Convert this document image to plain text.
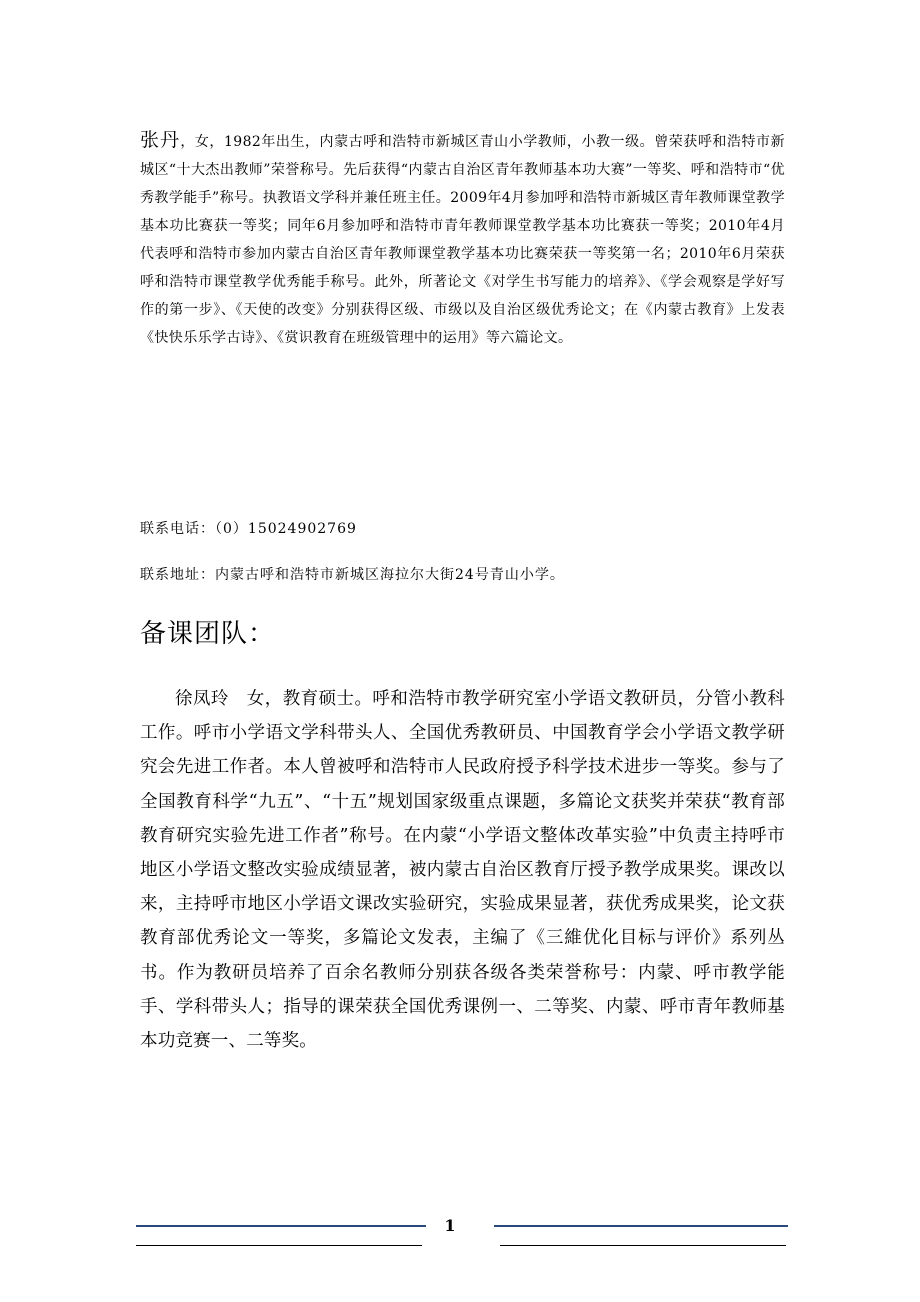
张丹，女，1982年出生，内蒙古呼和浩特市新城区青山小学教师，小教一级。曾荣获呼和浩特市新城区“十大杰出教师”荣誉称号。先后获得“内蒙古自治区青年教师基本功大赛”一等奖、呼和浩特市“优秀教学能手”称号。执教语文学科并兼任班主任。2009年4月参加呼和浩特市新城区青年教师课堂教学基本功比赛获一等奖；同年6月参加呼和浩特市青年教师课堂教学基本功比赛获一等奖；2010年4月代表呼和浩特市参加内蒙古自治区青年教师课堂教学基本功比赛荣获一等奖第一名；2010年6月荣获呼和浩特市课堂教学优秀能手称号。此外，所著论文《对学生书写能力的培养》、《学会观察是学好写作的第一步》、《天使的改变》分别获得区级、市级以及自治区级优秀论文；在《内蒙古教育》上发表《快快乐乐学古诗》、《赏识教育在班级管理中的运用》等六篇论文。

联系电话：（0）15024902769

联系地址：内蒙古呼和浩特市新城区海拉尔大街24号青山小学。

备课团队：

徐凤玲　女，教育硕士。呼和浩特市教学研究室小学语文教研员，分管小教科工作。呼市小学语文学科带头人、全国优秀教研员、中国教育学会小学语文教学研究会先进工作者。本人曾被呼和浩特市人民政府授予科学技术进步一等奖。参与了全国教育科学“九五”、“十五”规划国家级重点课题，多篇论文获奖并荣获“教育部教育研究实验先进工作者”称号。在内蒙“小学语文整体改革实验”中负责主持呼市地区小学语文整改实验成绩显著，被内蒙古自治区教育厅授予教学成果奖。课改以来，主持呼市地区小学语文课改实验研究，实验成果显著，获优秀成果奖，论文获教育部优秀论文一等奖，多篇论文发表，主编了《三維优化目标与评价》系列丛书。作为教研员培养了百余名教师分别获各级各类荣誉称号：内蒙、呼市教学能手、学科带头人；指导的课荣获全国优秀课例一、二等奖、内蒙、呼市青年教师基本功竞赛一、二等奖。

1
